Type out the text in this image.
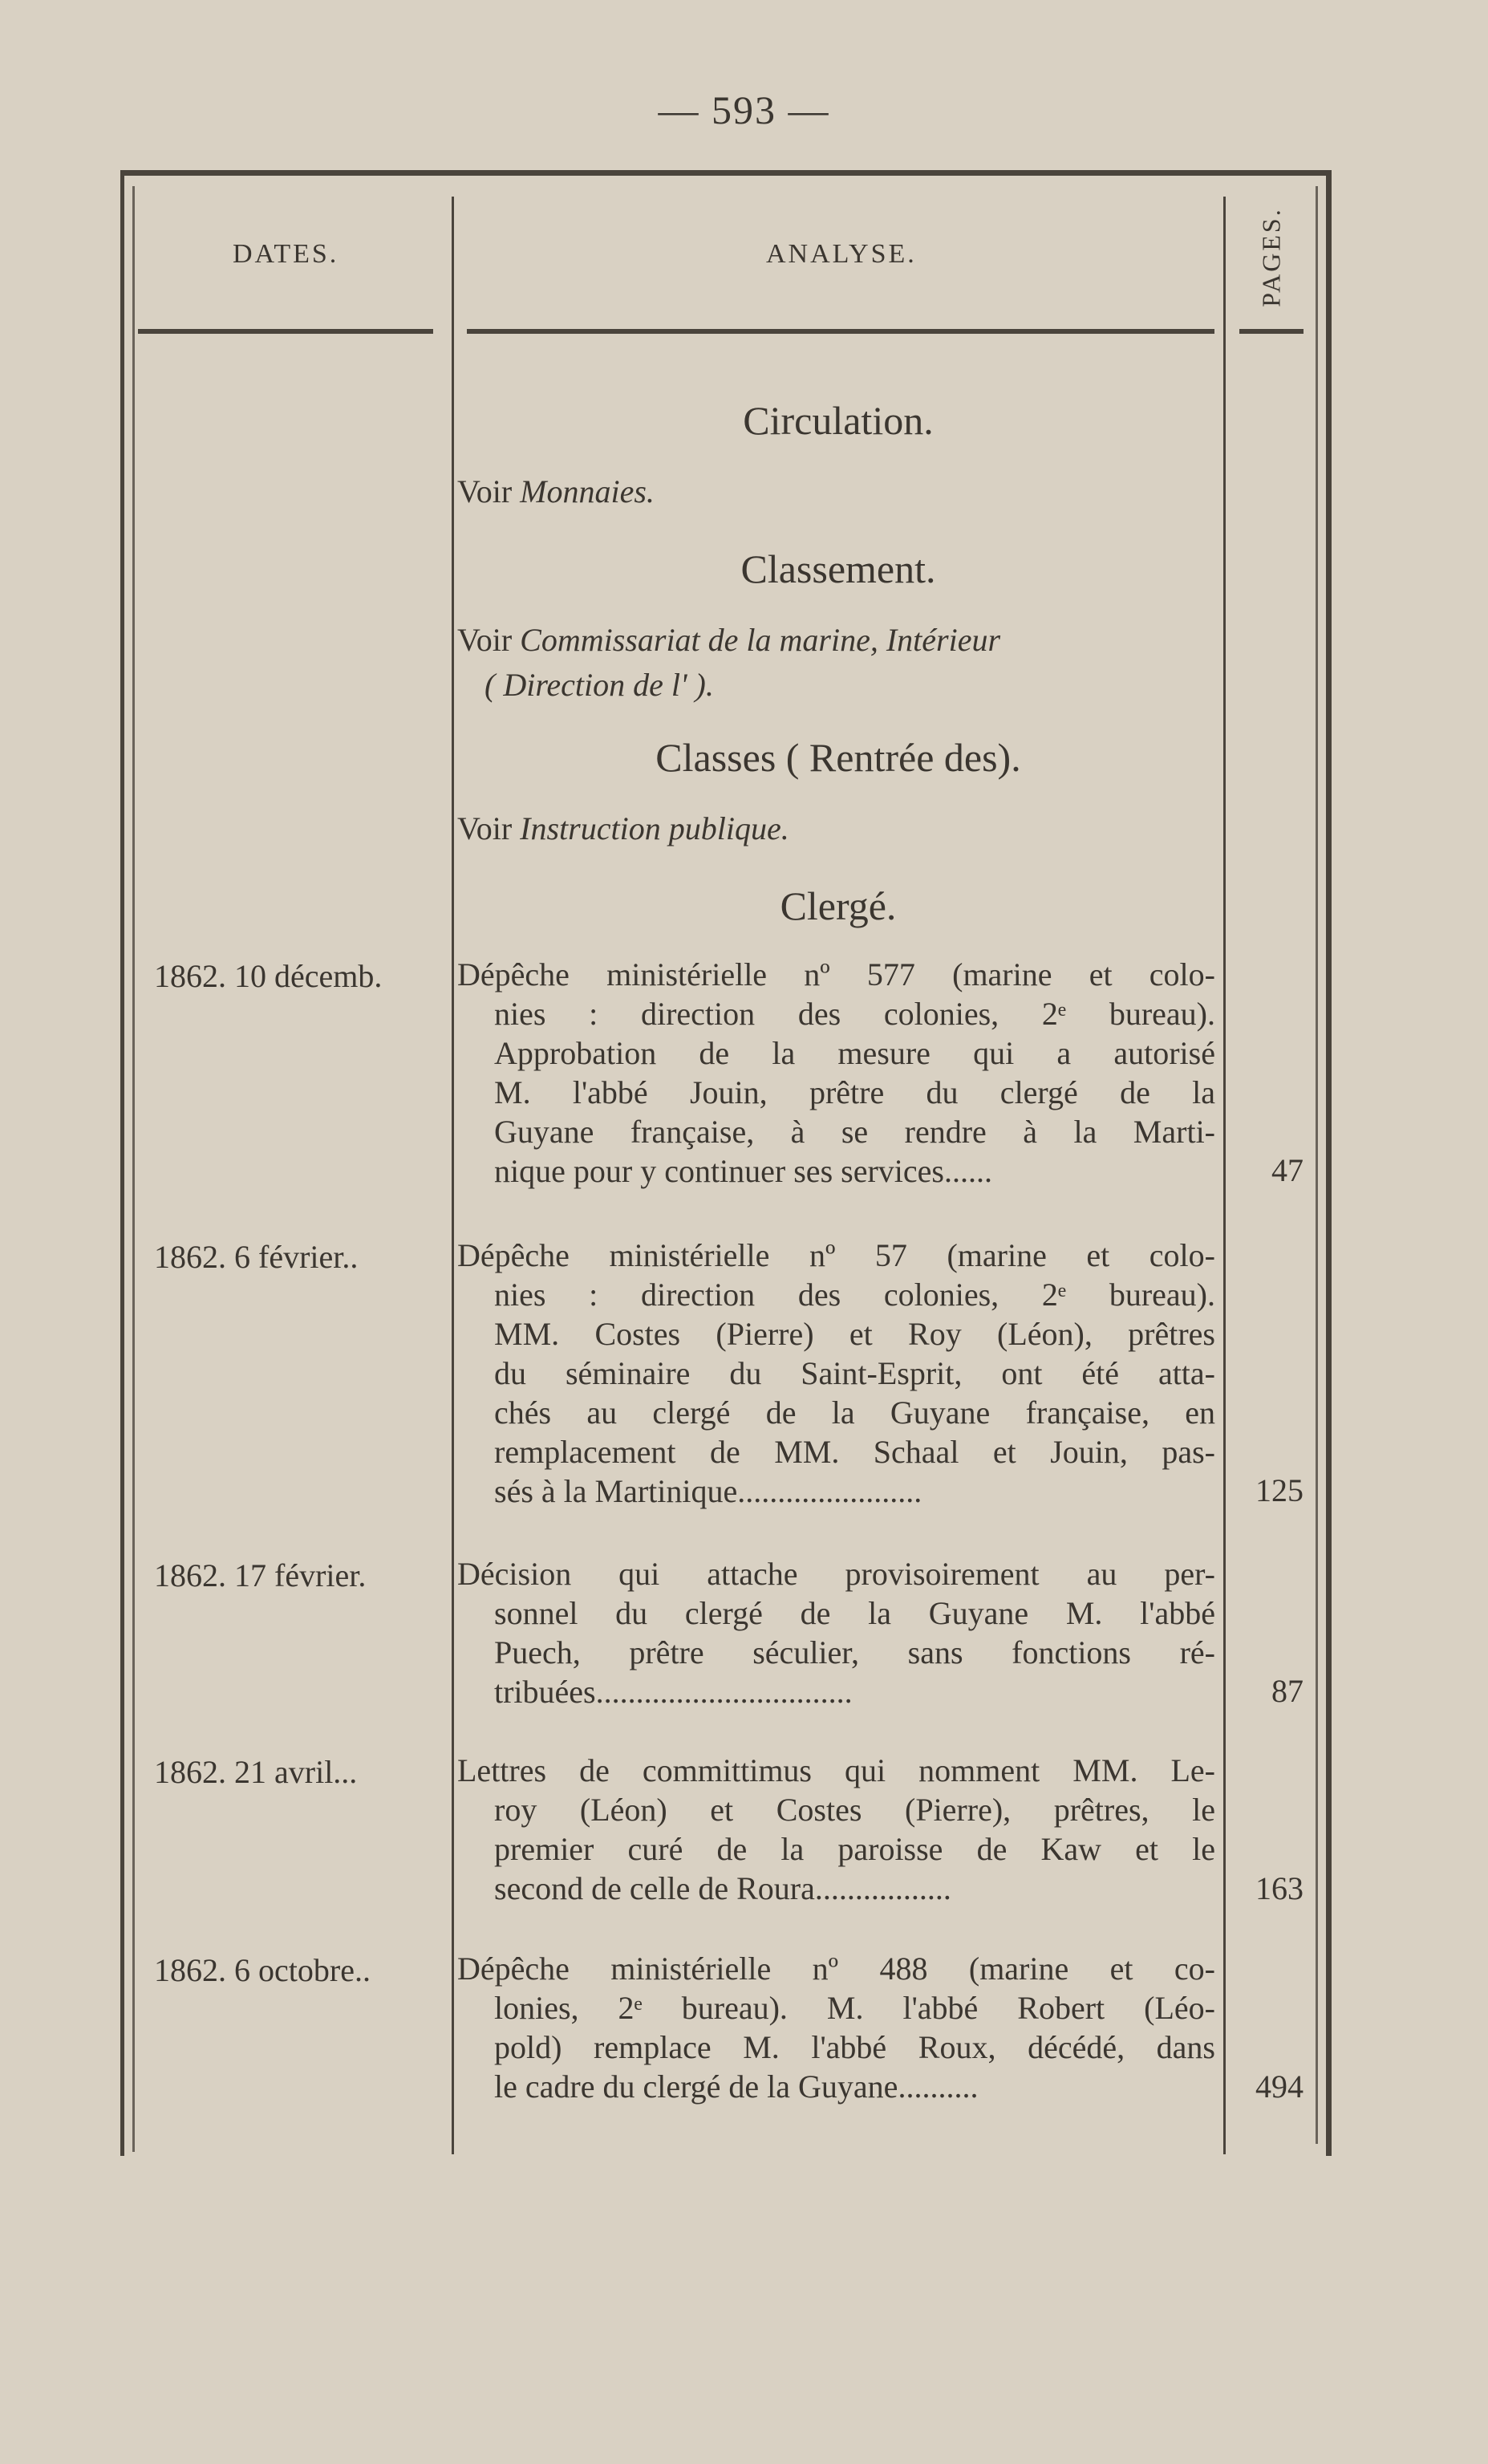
— 593 —
DATES.	ANALYSE.	PAGES.
Circulation.
Voir Monnaies.
Classement.
Voir Commissariat de la marine, Intérieur
( Direction de l' ).
Classes ( Rentrée des).
Voir Instruction publique.
Clergé.
1862. 10 décemb.	Dépêche ministérielle nº 577 (marine et colo-
nies : direction des colonies, 2ᵉ bureau).
Approbation de la mesure qui a autorisé
M. l'abbé Jouin, prêtre du clergé de la
Guyane française, à se rendre à la Marti-
nique pour y continuer ses services......	47
1862. 6 février..	Dépêche ministérielle nº 57 (marine et colo-
nies : direction des colonies, 2ᵉ bureau).
MM. Costes (Pierre) et Roy (Léon), prêtres
du séminaire du Saint-Esprit, ont été atta-
chés au clergé de la Guyane française, en
remplacement de MM. Schaal et Jouin, pas-
sés à la Martinique.......................	125
1862. 17 février.	Décision qui attache provisoirement au per-
sonnel du clergé de la Guyane M. l'abbé
Puech, prêtre séculier, sans fonctions ré-
tribuées................................	87
1862. 21 avril...	Lettres de committimus qui nomment MM. Le-
roy (Léon) et Costes (Pierre), prêtres, le
premier curé de la paroisse de Kaw et le
second de celle de Roura.................	163
1862. 6 octobre..	Dépêche ministérielle nº 488 (marine et co-
lonies, 2ᵉ bureau). M. l'abbé Robert (Léo-
pold) remplace M. l'abbé Roux, décédé, dans
le cadre du clergé de la Guyane..........	494
